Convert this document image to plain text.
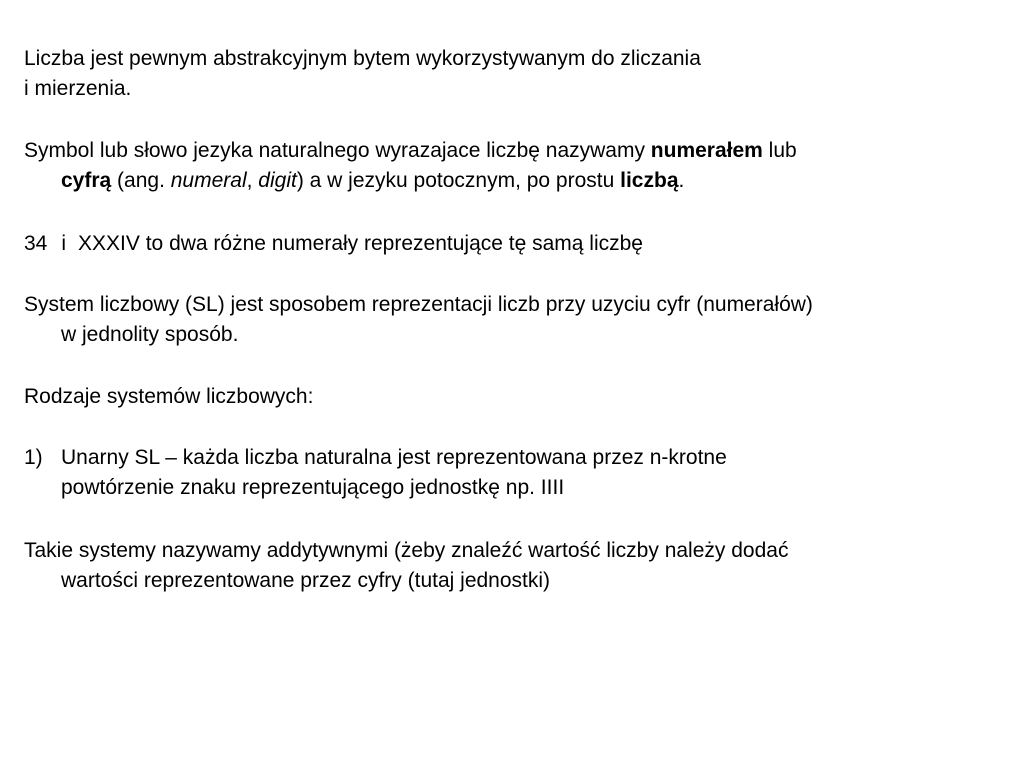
Liczba jest pewnym abstrakcyjnym bytem wykorzystywanym do zliczania
i mierzenia.
Symbol lub słowo jezyka naturalnego wyrazajace liczbę nazywamy numerałem lub
cyfrą (ang. numeral, digit) a w jezyku potocznym, po prostu liczbą.
34 i XXXIV to dwa różne numerały reprezentujące tę samą liczbę
System liczbowy (SL) jest sposobem reprezentacji liczb przy uzyciu cyfr (numerałów)
w jednolity sposób.
Rodzaje systemów liczbowych:
1) Unarny SL – każda liczba naturalna jest reprezentowana przez n-krotne
powtórzenie znaku reprezentującego jednostkę np. IIII
Takie systemy nazywamy addytywnymi (żeby znaleźć wartość liczby należy dodać
wartości reprezentowane przez cyfry (tutaj jednostki)
